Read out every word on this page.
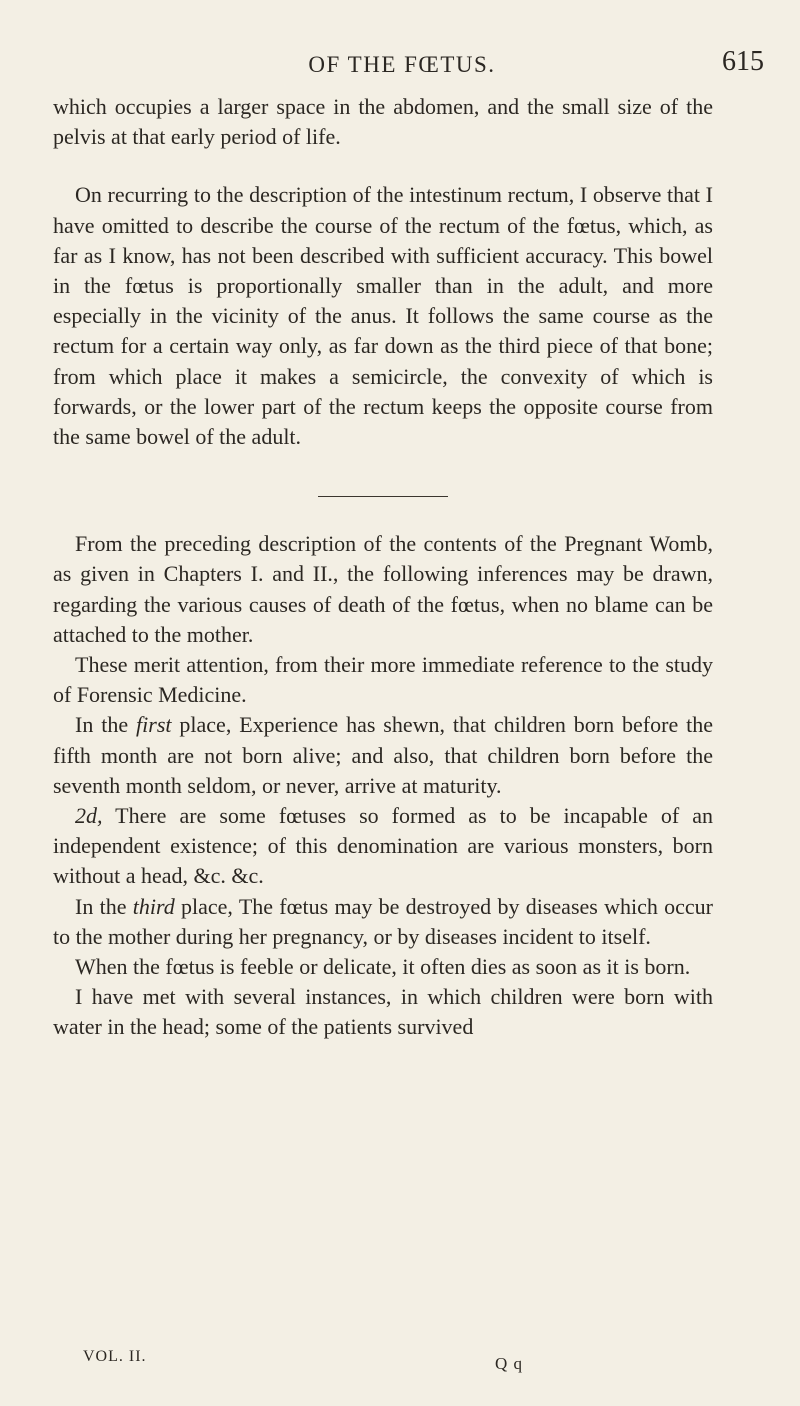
OF THE FŒTUS.	615

which occupies a larger space in the abdomen, and the small size of the pelvis at that early period of life.

On recurring to the description of the intestinum rectum, I observe that I have omitted to describe the course of the rectum of the fœtus, which, as far as I know, has not been described with sufficient accuracy. This bowel in the fœtus is proportionally smaller than in the adult, and more especially in the vicinity of the anus. It follows the same course as the rectum for a certain way only, as far down as the third piece of that bone; from which place it makes a semicircle, the convexity of which is forwards, or the lower part of the rectum keeps the opposite course from the same bowel of the adult.

From the preceding description of the contents of the Pregnant Womb, as given in Chapters I. and II., the following inferences may be drawn, regarding the various causes of death of the fœtus, when no blame can be attached to the mother.

These merit attention, from their more immediate reference to the study of Forensic Medicine.

In the first place, Experience has shewn, that children born before the fifth month are not born alive; and also, that children born before the seventh month seldom, or never, arrive at maturity.

2d, There are some fœtuses so formed as to be incapable of an independent existence; of this denomination are various monsters, born without a head, &c. &c.

In the third place, The fœtus may be destroyed by diseases which occur to the mother during her pregnancy, or by diseases incident to itself.

When the fœtus is feeble or delicate, it often dies as soon as it is born.

I have met with several instances, in which children were born with water in the head; some of the patients survived

VOL. II.	Q q
